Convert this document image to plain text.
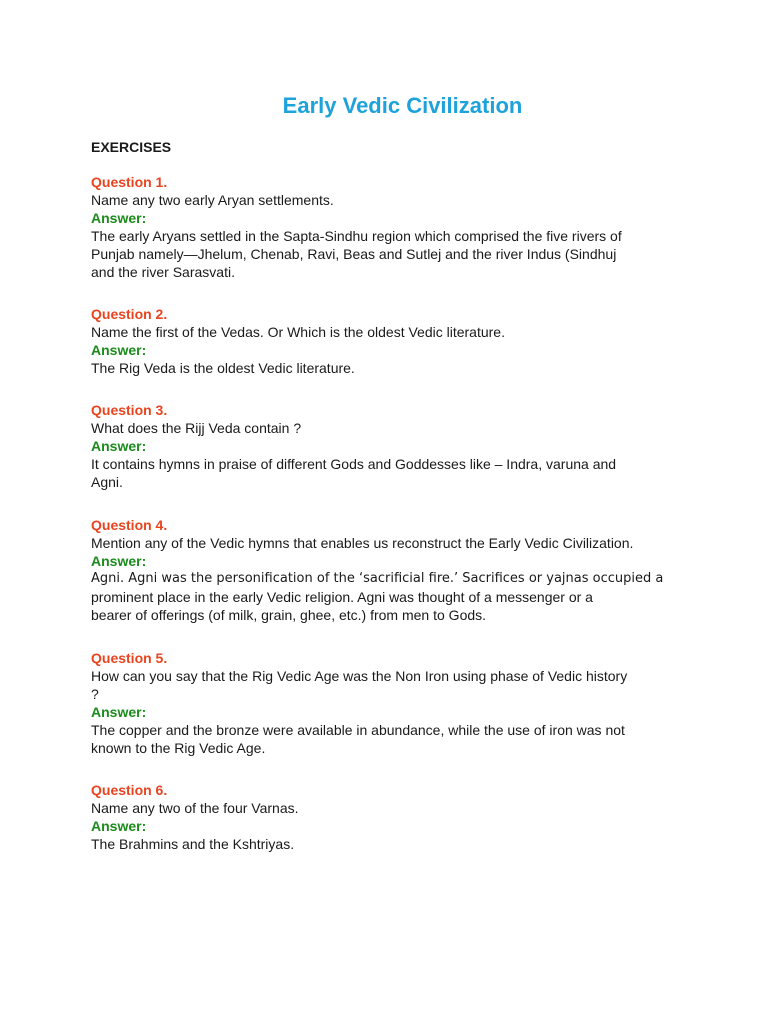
Early Vedic Civilization
EXERCISES
Question 1.
Name any two early Aryan settlements.
Answer:
The early Aryans settled in the Sapta-Sindhu region which comprised the five rivers of
Punjab namely—Jhelum, Chenab, Ravi, Beas and Sutlej and the river Indus (Sindhuj
and the river Sarasvati.
Question 2.
Name the first of the Vedas. Or Which is the oldest Vedic literature.
Answer:
The Rig Veda is the oldest Vedic literature.
Question 3.
What does the Rijj Veda contain ?
Answer:
It contains hymns in praise of different Gods and Goddesses like – Indra, varuna and
Agni.
Question 4.
Mention any of the Vedic hymns that enables us reconstruct the Early Vedic Civilization.
Answer:
Agni. Agni was the personification of the ‘sacrificial fire.’ Sacrifices or yajnas occupied a
prominent place in the early Vedic religion. Agni was thought of a messenger or a
bearer of offerings (of milk, grain, ghee, etc.) from men to Gods.
Question 5.
How can you say that the Rig Vedic Age was the Non Iron using phase of Vedic history
?
Answer:
The copper and the bronze were available in abundance, while the use of iron was not
known to the Rig Vedic Age.
Question 6.
Name any two of the four Varnas.
Answer:
The Brahmins and the Kshtriyas.
